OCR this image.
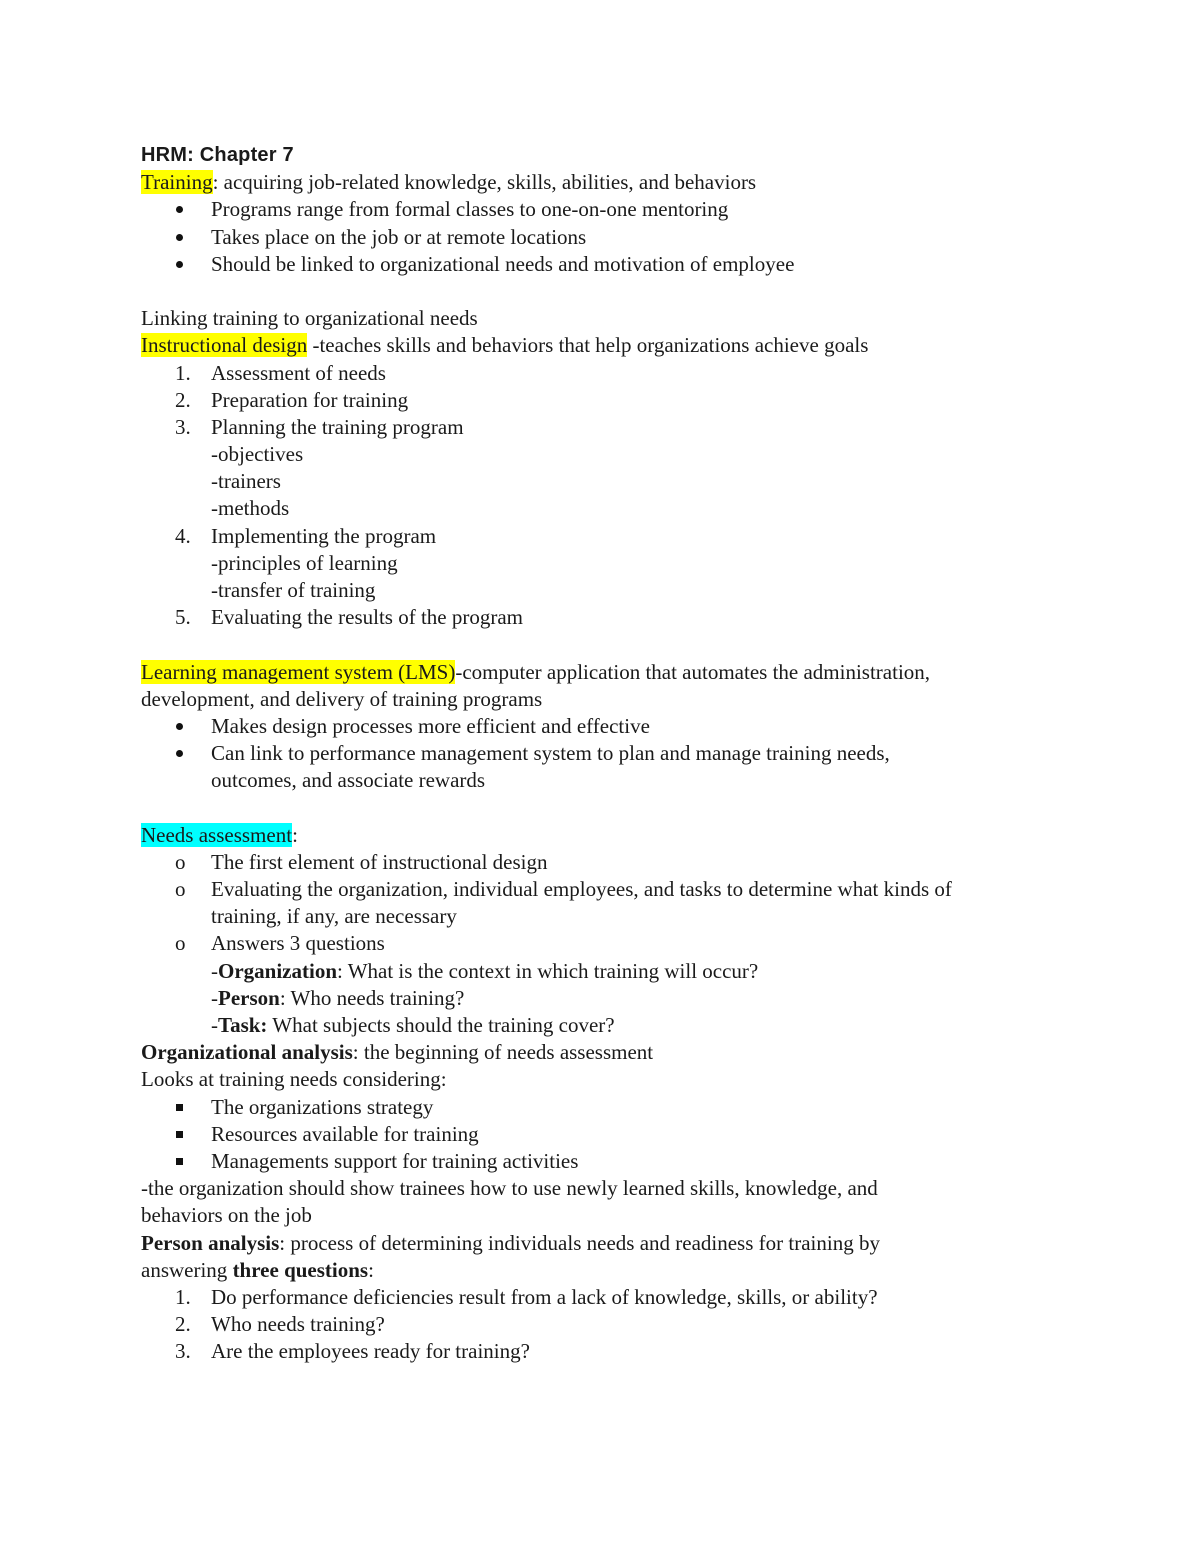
HRM: Chapter 7
Training: acquiring job-related knowledge, skills, abilities, and behaviors
Programs range from formal classes to one-on-one mentoring
Takes place on the job or at remote locations
Should be linked to organizational needs and motivation of employee
Linking training to organizational needs
Instructional design -teaches skills and behaviors that help organizations achieve goals
1. Assessment of needs
2. Preparation for training
3. Planning the training program
-objectives
-trainers
-methods
4. Implementing the program
-principles of learning
-transfer of training
5. Evaluating the results of the program
Learning management system (LMS)-computer application that automates the administration,
development, and delivery of training programs
Makes design processes more efficient and effective
Can link to performance management system to plan and manage training needs,
outcomes, and associate rewards
Needs assessment:
o The first element of instructional design
o Evaluating the organization, individual employees, and tasks to determine what kinds of
training, if any, are necessary
o Answers 3 questions
-Organization: What is the context in which training will occur?
-Person: Who needs training?
-Task: What subjects should the training cover?
Organizational analysis: the beginning of needs assessment
Looks at training needs considering:
The organizations strategy
Resources available for training
Managements support for training activities
-the organization should show trainees how to use newly learned skills, knowledge, and
behaviors on the job
Person analysis: process of determining individuals needs and readiness for training by
answering three questions:
1. Do performance deficiencies result from a lack of knowledge, skills, or ability?
2. Who needs training?
3. Are the employees ready for training?
